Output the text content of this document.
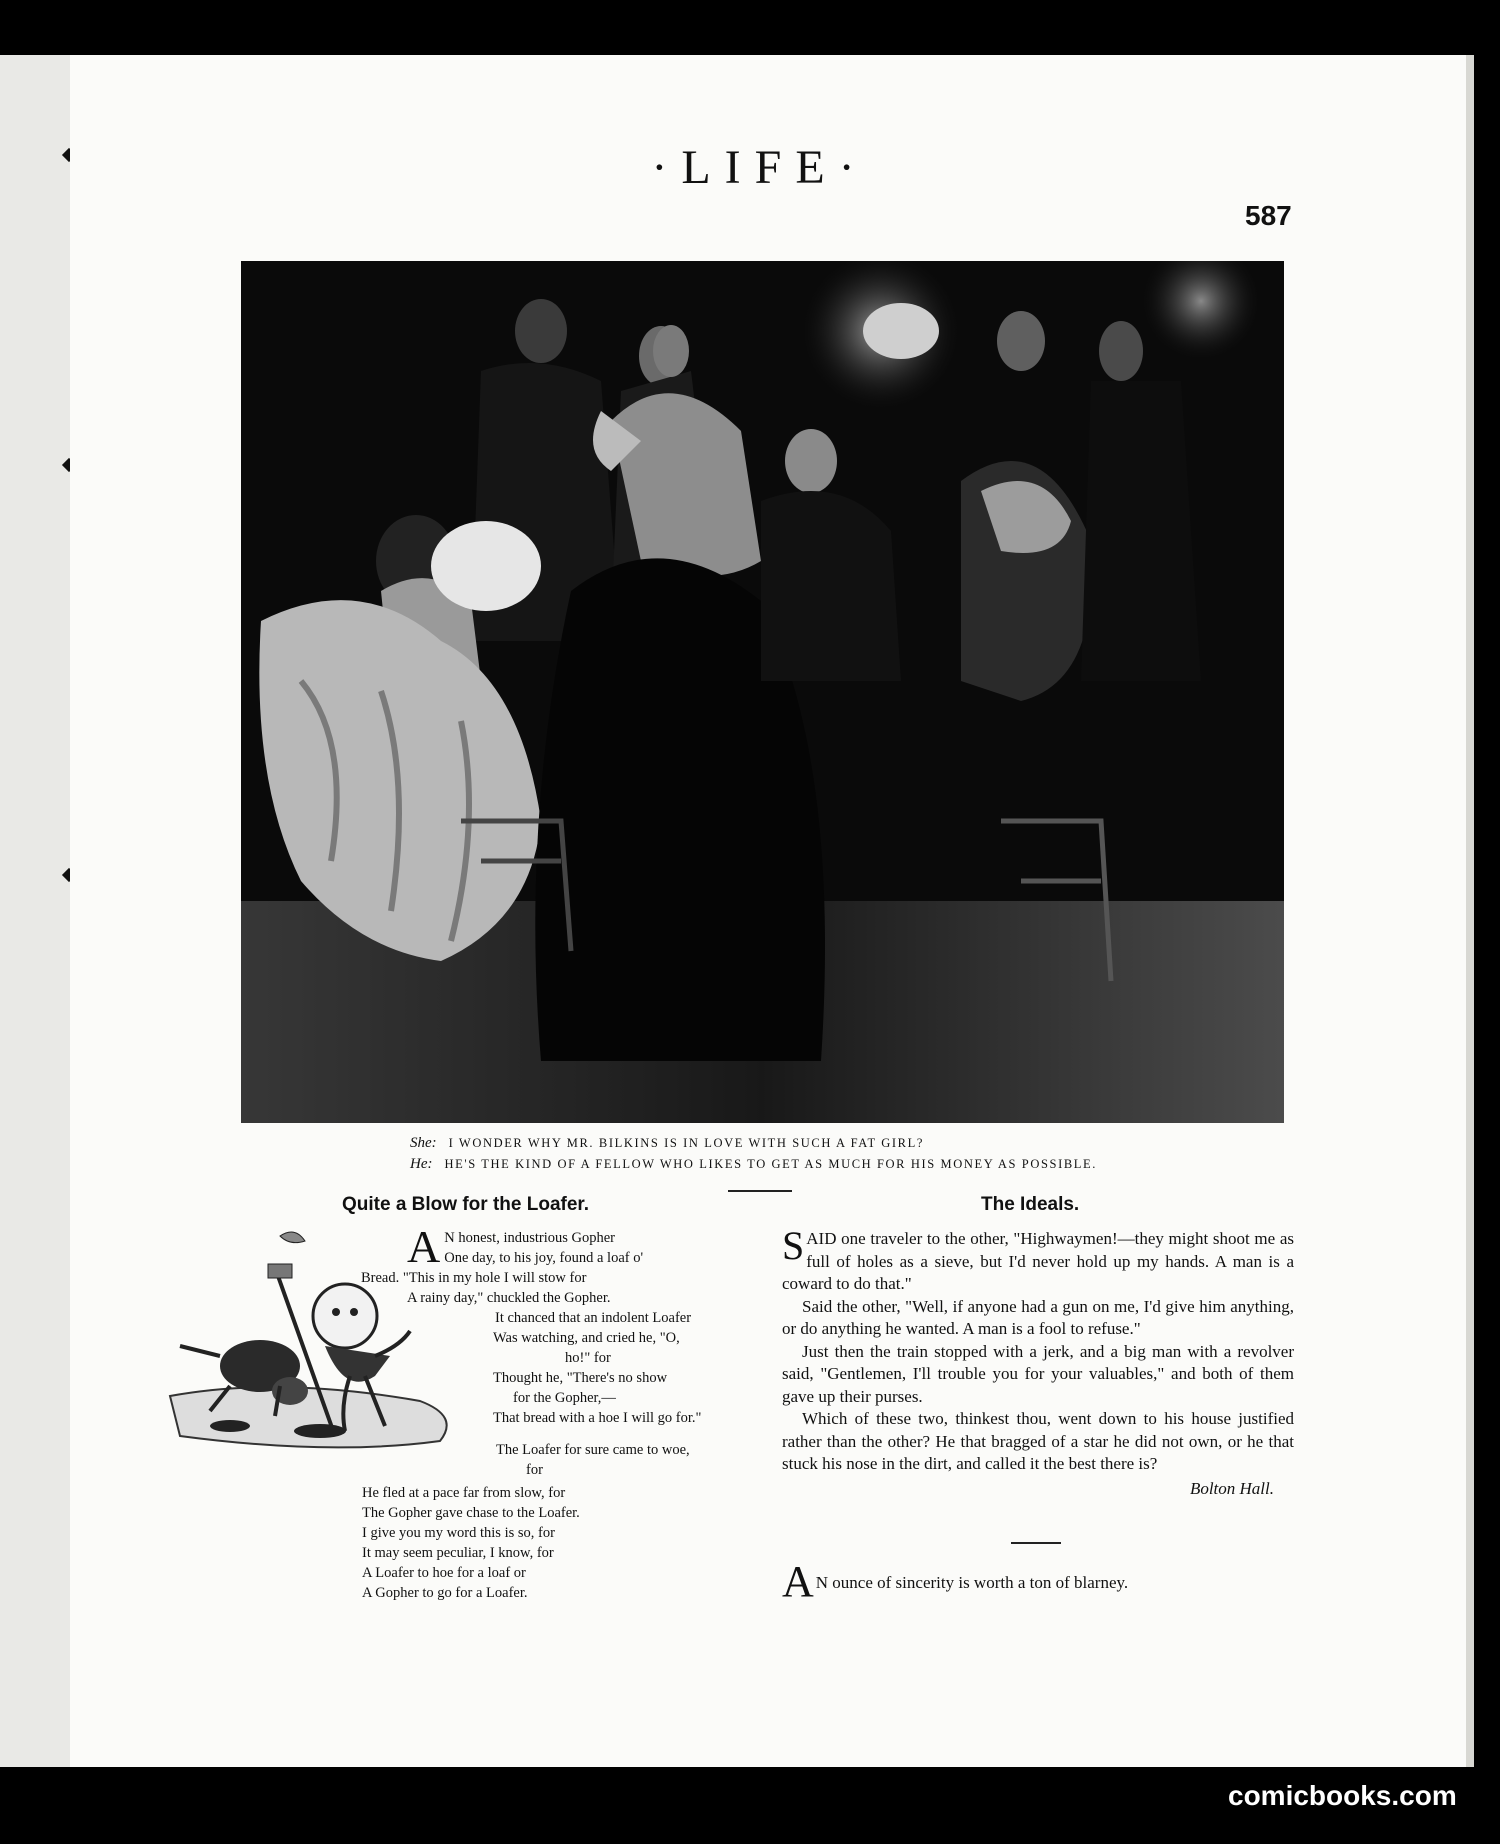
·LIFE·
587
She: I WONDER WHY MR. BILKINS IS IN LOVE WITH SUCH A FAT GIRL?
He: HE'S THE KIND OF A FELLOW WHO LIKES TO GET AS MUCH FOR HIS MONEY AS POSSIBLE.
Quite a Blow for the Loafer.
A N honest, industrious Gopher
One day, to his joy, found a loaf o'
Bread. "This in my hole I will stow for
A rainy day," chuckled the Gopher.
It chanced that an indolent Loafer
Was watching, and cried he, "O,
ho!" for
Thought he, "There's no show
for the Gopher,—
That bread with a hoe I will go for."
The Loafer for sure came to woe,
for
He fled at a pace far from slow, for
The Gopher gave chase to the Loafer.
I give you my word this is so, for
It may seem peculiar, I know, for
A Loafer to hoe for a loaf or
A Gopher to go for a Loafer.
The Ideals.

SAID one traveler to the other, "Highwaymen!—they might shoot me as full of holes as a sieve, but I'd never hold up my hands. A man is a coward to do that."

Said the other, "Well, if anyone had a gun on me, I'd give him anything, or do anything he wanted. A man is a fool to refuse."

Just then the train stopped with a jerk, and a big man with a revolver said, "Gentlemen, I'll trouble you for your valuables," and both of them gave up their purses.

Which of these two, thinkest thou, went down to his house justified rather than the other? He that bragged of a star he did not own, or he that stuck his nose in the dirt, and called it the best there is?

Bolton Hall.
A N ounce of sincerity is worth a ton of blarney.
comicbooks.com
